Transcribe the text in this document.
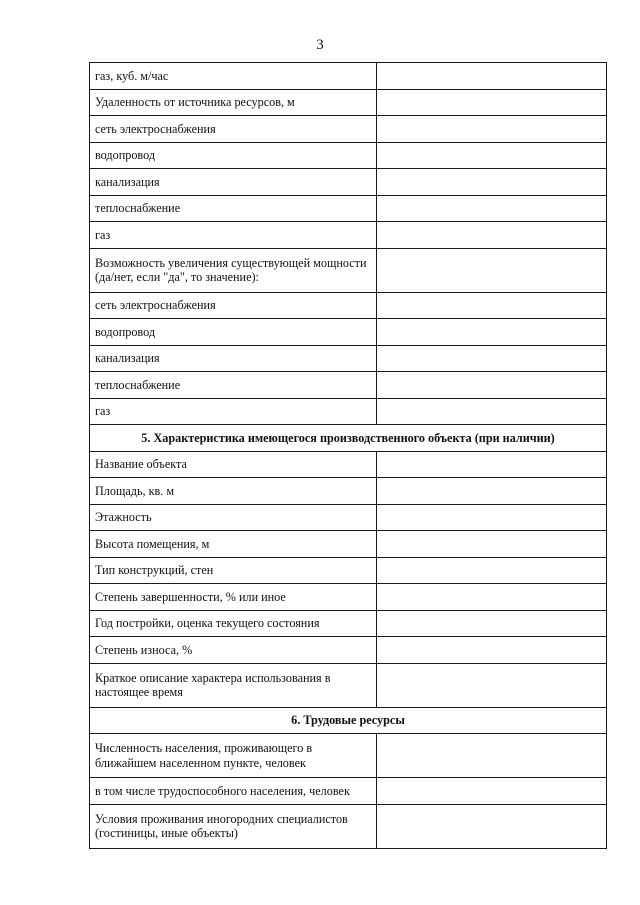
3
газ, куб. м/час	
Удаленность от источника ресурсов, м	
сеть электроснабжения	
водопровод	
канализация	
теплоснабжение	
газ	
Возможность увеличения существующей мощности (да/нет, если "да", то значение):	
сеть электроснабжения	
водопровод	
канализация	
теплоснабжение	
газ	
5. Характеристика имеющегося производственного объекта (при наличии)	
Название объекта	
Площадь, кв. м	
Этажность	
Высота помещения, м	
Тип конструкций, стен	
Степень завершенности, % или иное	
Год постройки, оценка текущего состояния	
Степень износа, %	
Краткое описание характера использования в настоящее время	
6. Трудовые ресурсы	
Численность населения, проживающего в ближайшем населенном пункте, человек	
в том числе трудоспособного населения, человек	
Условия проживания иногородних специалистов (гостиницы, иные объекты)	
